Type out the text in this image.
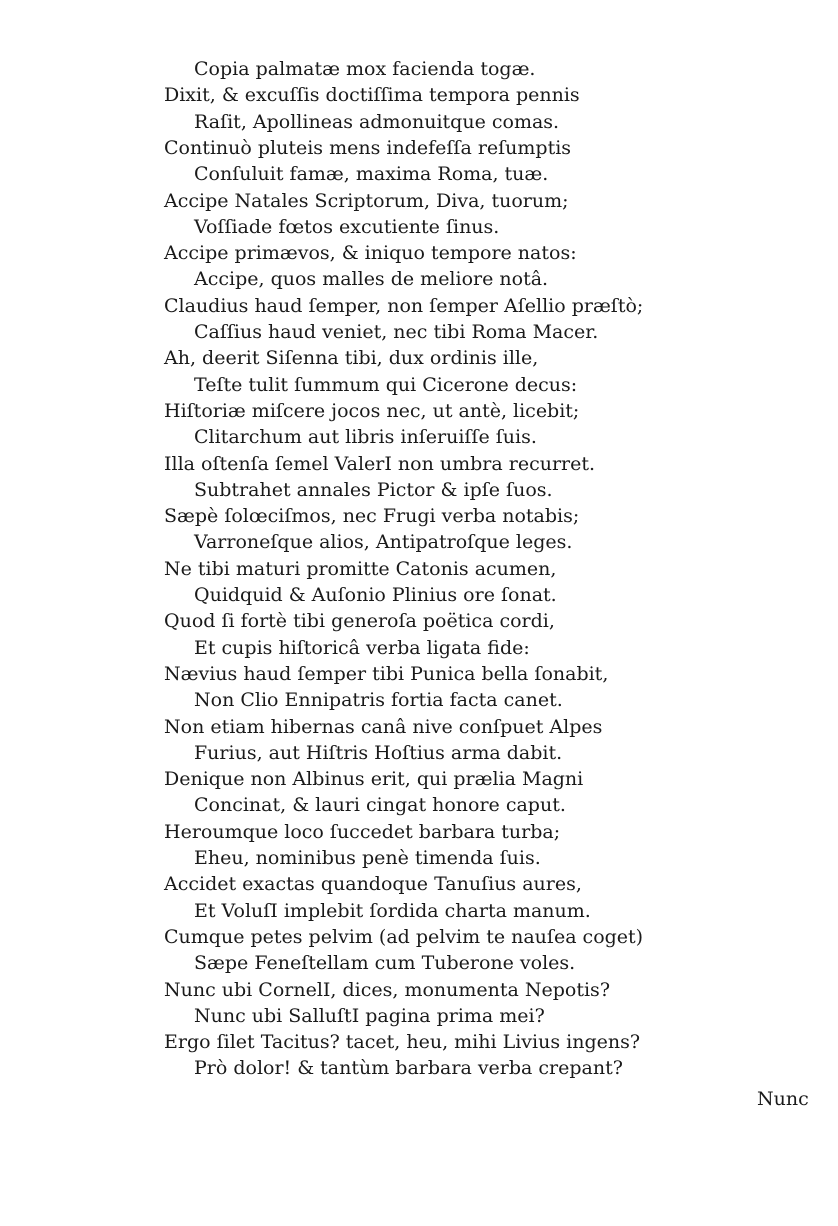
Copia palmatæ mox facienda togæ.
Dixit, & excuſſis doctiſſima tempora pennis
Raſit, Apollineas admonuitque comas.
Continuò pluteis mens indefeſſa reſumptis
Conſuluit famæ, maxima Roma, tuæ.
Accipe Natales Scriptorum, Diva, tuorum;
Voſſiade fœtos excutiente ſinus.
Accipe primævos, & iniquo tempore natos:
Accipe, quos malles de meliore notâ.
Claudius haud ſemper, non ſemper Aſellio præſtò;
Caſſius haud veniet, nec tibi Roma Macer.
Ah, deerit Siſenna tibi, dux ordinis ille,
Teſte tulit ſummum qui Cicerone decus:
Hiſtoriæ miſcere jocos nec, ut antè, licebit;
Clitarchum aut libris inſeruiſſe ſuis.
Illa oſtenſa ſemel ValerI non umbra recurret.
Subtrahet annales Pictor & ipſe ſuos.
Sæpè ſolœciſmos, nec Frugi verba notabis;
Varroneſque alios, Antipatroſque leges.
Ne tibi maturi promitte Catonis acumen,
Quidquid & Auſonio Plinius ore ſonat.
Quod ſi fortè tibi generoſa poëtica cordi,
Et cupis hiſtoricâ verba ligata fide:
Nævius haud ſemper tibi Punica bella ſonabit,
Non Clio Ennipatris fortia facta canet.
Non etiam hibernas canâ nive conſpuet Alpes
Furius, aut Hiſtris Hoſtius arma dabit.
Denique non Albinus erit, qui prælia Magni
Concinat, & lauri cingat honore caput.
Heroumque loco ſuccedet barbara turba;
Eheu, nominibus penè timenda ſuis.
Accidet exactas quandoque Tanuſius aures,
Et VoluſI implebit ſordida charta manum.
Cumque petes pelvim (ad pelvim te nauſea coget)
Sæpe Feneſtellam cum Tuberone voles.
Nunc ubi CornelI, dices, monumenta Nepotis?
Nunc ubi SalluſtI pagina prima mei?
Ergo ſilet Tacitus? tacet, heu, mihi Livius ingens?
Prò dolor! & tantùm barbara verba crepant?
Nunc
